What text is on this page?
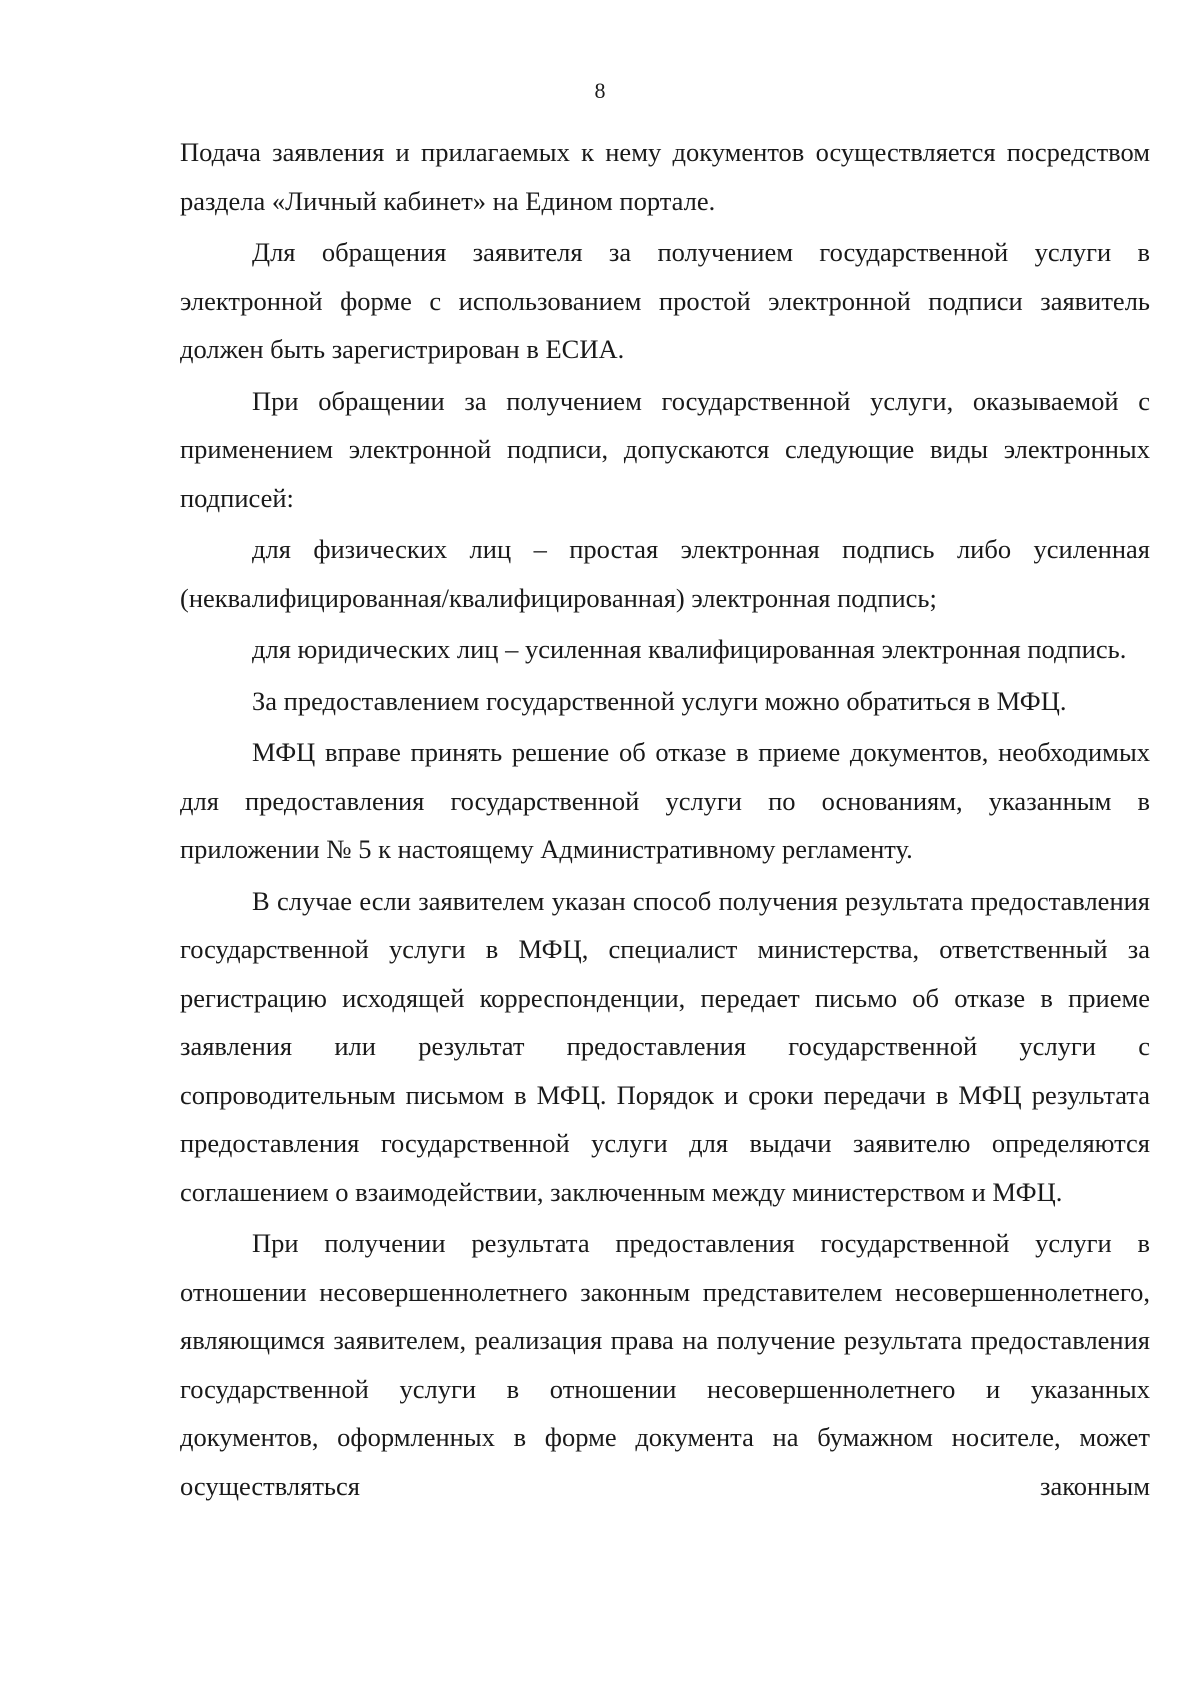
8

Подача заявления и прилагаемых к нему документов осуществляется посредством раздела «Личный кабинет» на Едином портале.

Для обращения заявителя за получением государственной услуги в электронной форме с использованием простой электронной подписи заявитель должен быть зарегистрирован в ЕСИА.

При обращении за получением государственной услуги, оказываемой с применением электронной подписи, допускаются следующие виды электронных подписей:

для физических лиц – простая электронная подпись либо усиленная (неквалифицированная/квалифицированная) электронная подпись;

для юридических лиц – усиленная квалифицированная электронная подпись.

За предоставлением государственной услуги можно обратиться в МФЦ.

МФЦ вправе принять решение об отказе в приеме документов, необходимых для предоставления государственной услуги по основаниям, указанным в приложении № 5 к настоящему Административному регламенту.

В случае если заявителем указан способ получения результата предоставления государственной услуги в МФЦ, специалист министерства, ответственный за регистрацию исходящей корреспонденции, передает письмо об отказе в приеме заявления или результат предоставления государственной услуги с сопроводительным письмом в МФЦ. Порядок и сроки передачи в МФЦ результата предоставления государственной услуги для выдачи заявителю определяются соглашением о взаимодействии, заключенным между министерством и МФЦ.

При получении результата предоставления государственной услуги в отношении несовершеннолетнего законным представителем несовершеннолетнего, являющимся заявителем, реализация права на получение результата предоставления государственной услуги в отношении несовершеннолетнего и указанных документов, оформленных в форме документа на бумажном носителе, может осуществляться законным
